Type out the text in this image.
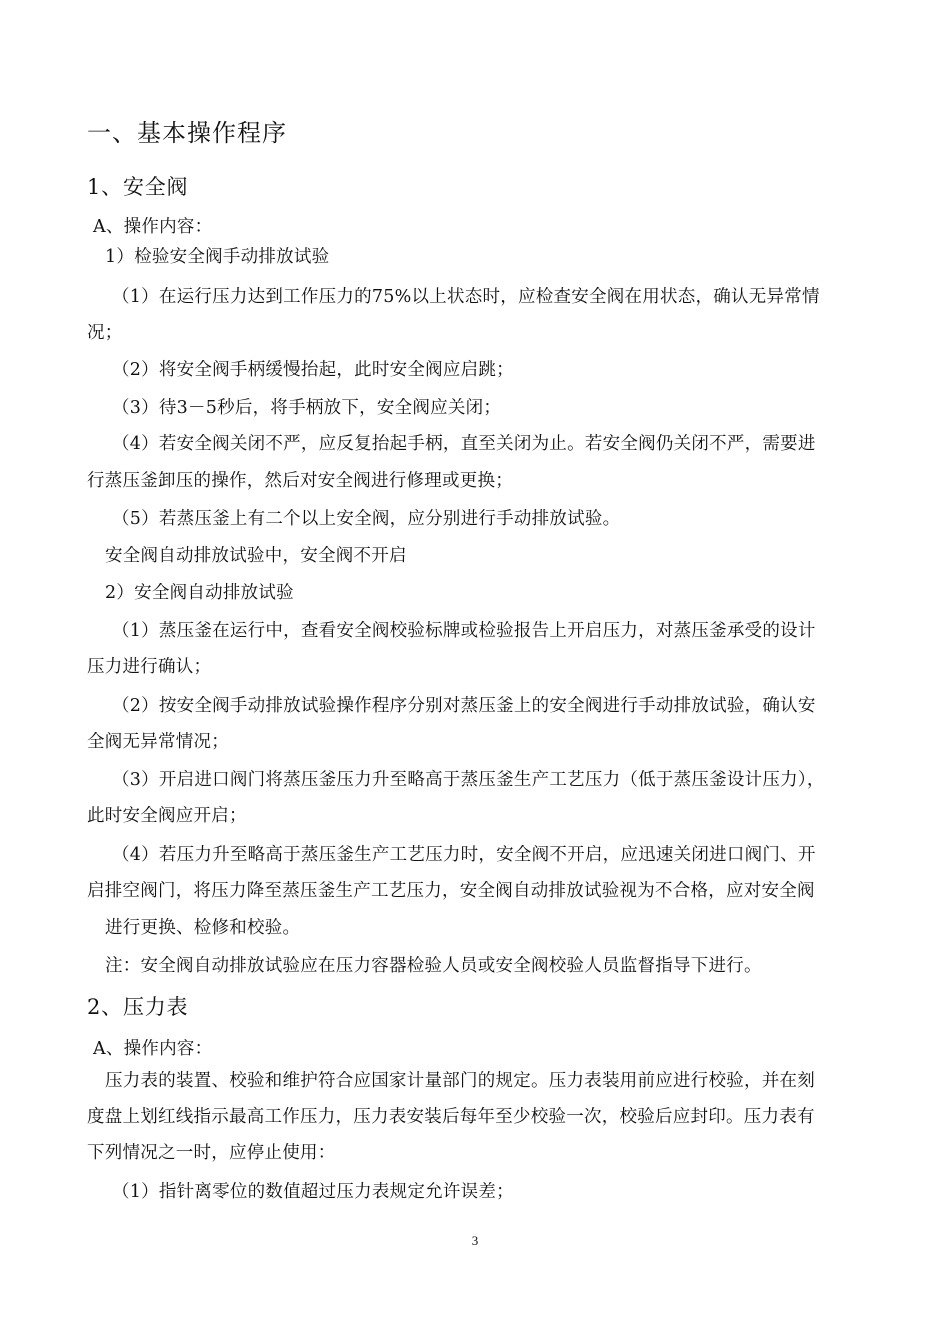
一、基本操作程序
1、安全阀
A、操作内容：
1）检验安全阀手动排放试验
（1）在运行压力达到工作压力的75%以上状态时，应检查安全阀在用状态，确认无异常情
况；
（2）将安全阀手柄缓慢抬起，此时安全阀应启跳；
（3）待3－5秒后，将手柄放下，安全阀应关闭；
（4）若安全阀关闭不严，应反复抬起手柄，直至关闭为止。若安全阀仍关闭不严，需要进
行蒸压釜卸压的操作，然后对安全阀进行修理或更换；
（5）若蒸压釜上有二个以上安全阀，应分别进行手动排放试验。
安全阀自动排放试验中，安全阀不开启
2）安全阀自动排放试验
（1）蒸压釜在运行中，查看安全阀校验标牌或检验报告上开启压力，对蒸压釜承受的设计
压力进行确认；
（2）按安全阀手动排放试验操作程序分别对蒸压釜上的安全阀进行手动排放试验，确认安
全阀无异常情况；
（3）开启进口阀门将蒸压釜压力升至略高于蒸压釜生产工艺压力（低于蒸压釜设计压力），
此时安全阀应开启；
（4）若压力升至略高于蒸压釜生产工艺压力时，安全阀不开启，应迅速关闭进口阀门、开
启排空阀门，将压力降至蒸压釜生产工艺压力，安全阀自动排放试验视为不合格，应对安全阀
进行更换、检修和校验。
注：安全阀自动排放试验应在压力容器检验人员或安全阀校验人员监督指导下进行。
2、压力表
A、操作内容：
压力表的装置、校验和维护符合应国家计量部门的规定。压力表装用前应进行校验，并在刻
度盘上划红线指示最高工作压力，压力表安装后每年至少校验一次，校验后应封印。压力表有
下列情况之一时，应停止使用：
（1）指针离零位的数值超过压力表规定允许误差；
3
